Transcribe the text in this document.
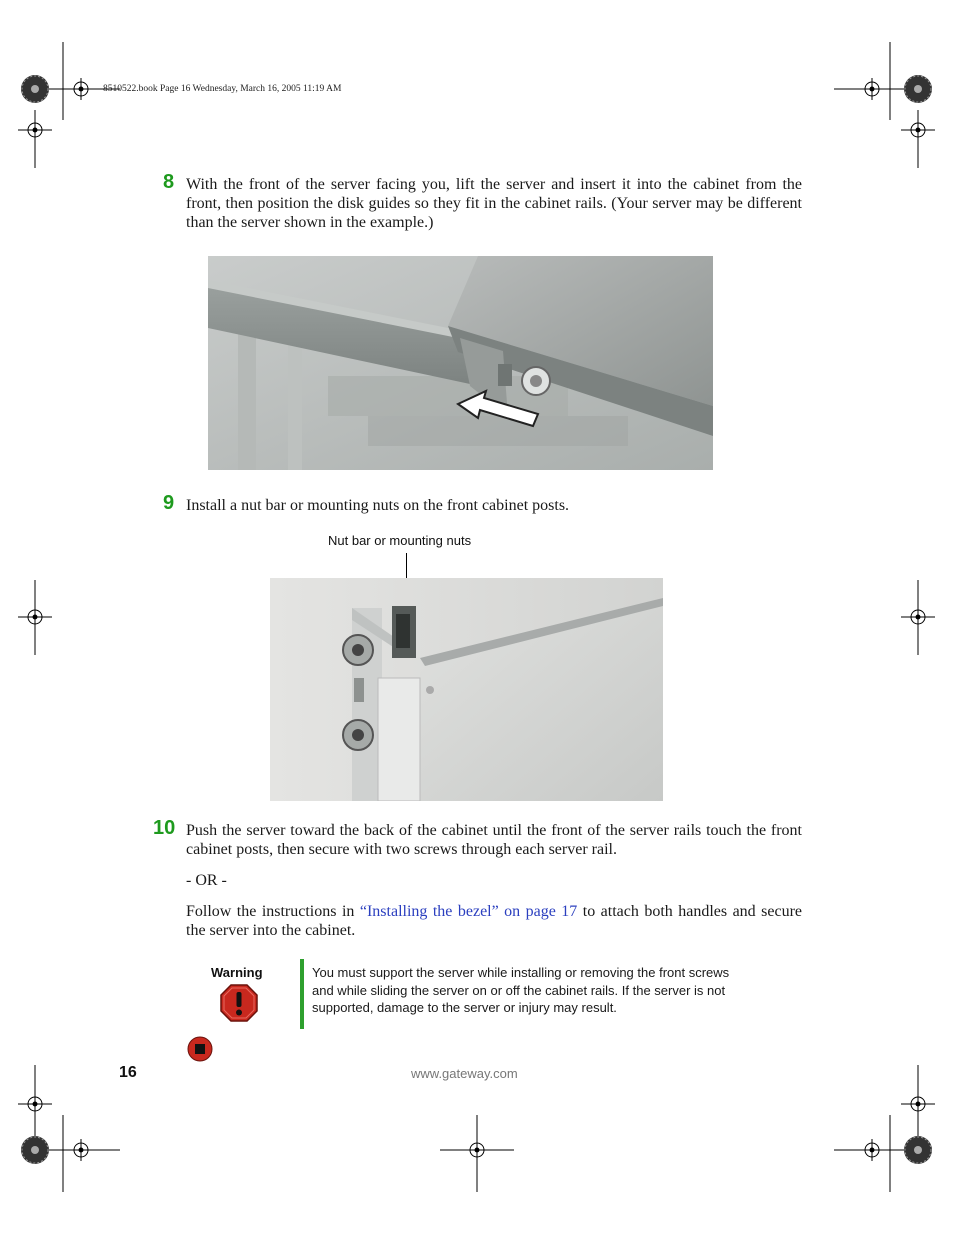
8510522.book Page 16 Wednesday, March 16, 2005 11:19 AM
8 With the front of the server facing you, lift the server and insert it into the cabinet from the front, then position the disk guides so they fit in the cabinet rails. (Your server may be different than the server shown in the example.)
9 Install a nut bar or mounting nuts on the front cabinet posts.
Nut bar or mounting nuts
10 Push the server toward the back of the cabinet until the front of the server rails touch the front cabinet posts, then secure with two screws through each server rail.
- OR -
Follow the instructions in “Installing the bezel” on page 17 to attach both handles and secure the server into the cabinet.
Warning	You must support the server while installing or removing the front screws and while sliding the server on or off the cabinet rails. If the server is not supported, damage to the server or injury may result.
16	www.gateway.com
